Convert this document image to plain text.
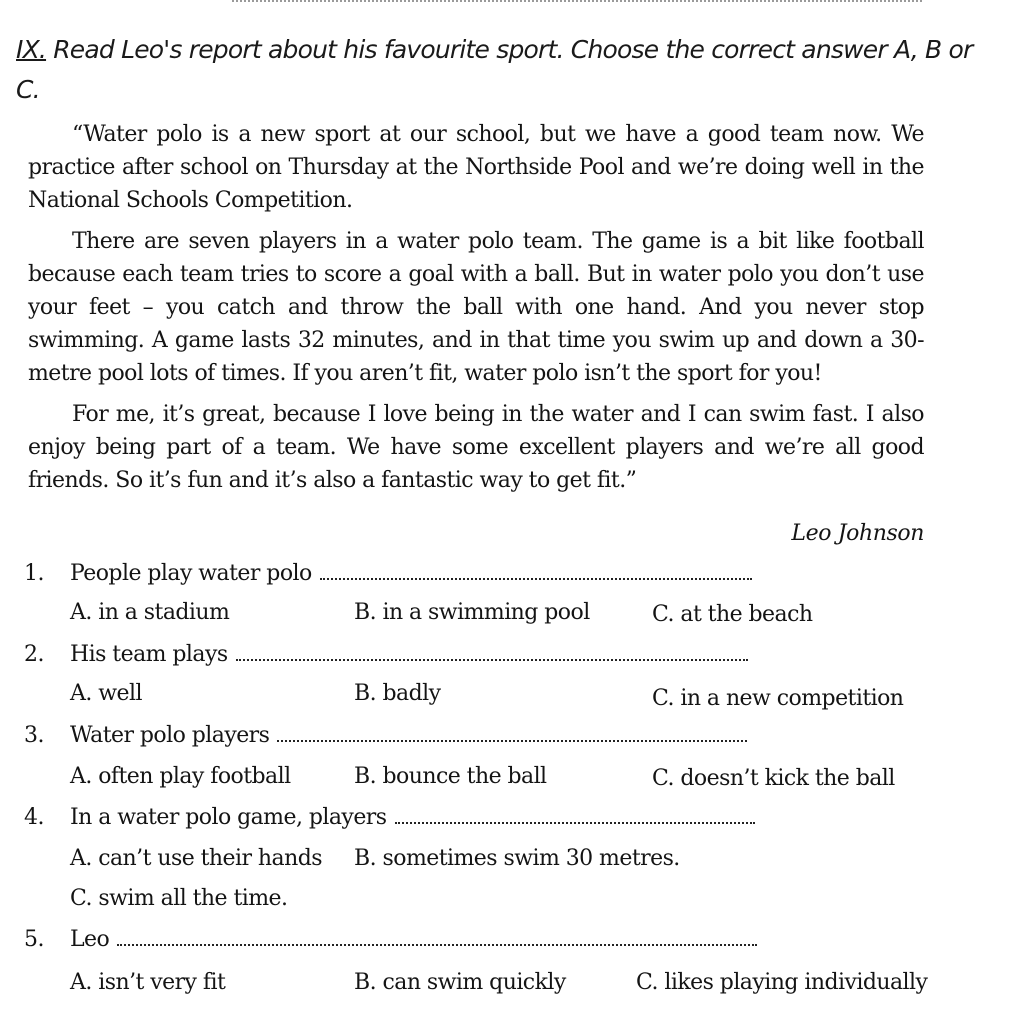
IX. Read Leo's report about his favourite sport. Choose the correct answer A, B or C.

“Water polo is a new sport at our school, but we have a good team now. We practice after school on Thursday at the Northside Pool and we’re doing well in the National Schools Competition.

There are seven players in a water polo team. The game is a bit like football because each team tries to score a goal with a ball. But in water polo you don’t use your feet – you catch and throw the ball with one hand. And you never stop swimming. A game lasts 32 minutes, and in that time you swim up and down a 30-metre pool lots of times. If you aren’t fit, water polo isn’t the sport for you!

For me, it’s great, because I love being in the water and I can swim fast. I also enjoy being part of a team. We have some excellent players and we’re all good friends. So it’s fun and it’s also a fantastic way to get fit.”

Leo Johnson
1. People play water polo
A. in a stadium	B. in a swimming pool	C. at the beach
2. His team plays
A. well	B. badly	C. in a new competition
3. Water polo players
A. often play football	B. bounce the ball	C. doesn’t kick the ball
4. In a water polo game, players
A. can’t use their hands B. sometimes swim 30 metres.
C. swim all the time.
5. Leo
A. isn’t very fit	B. can swim quickly	C. likes playing individually
